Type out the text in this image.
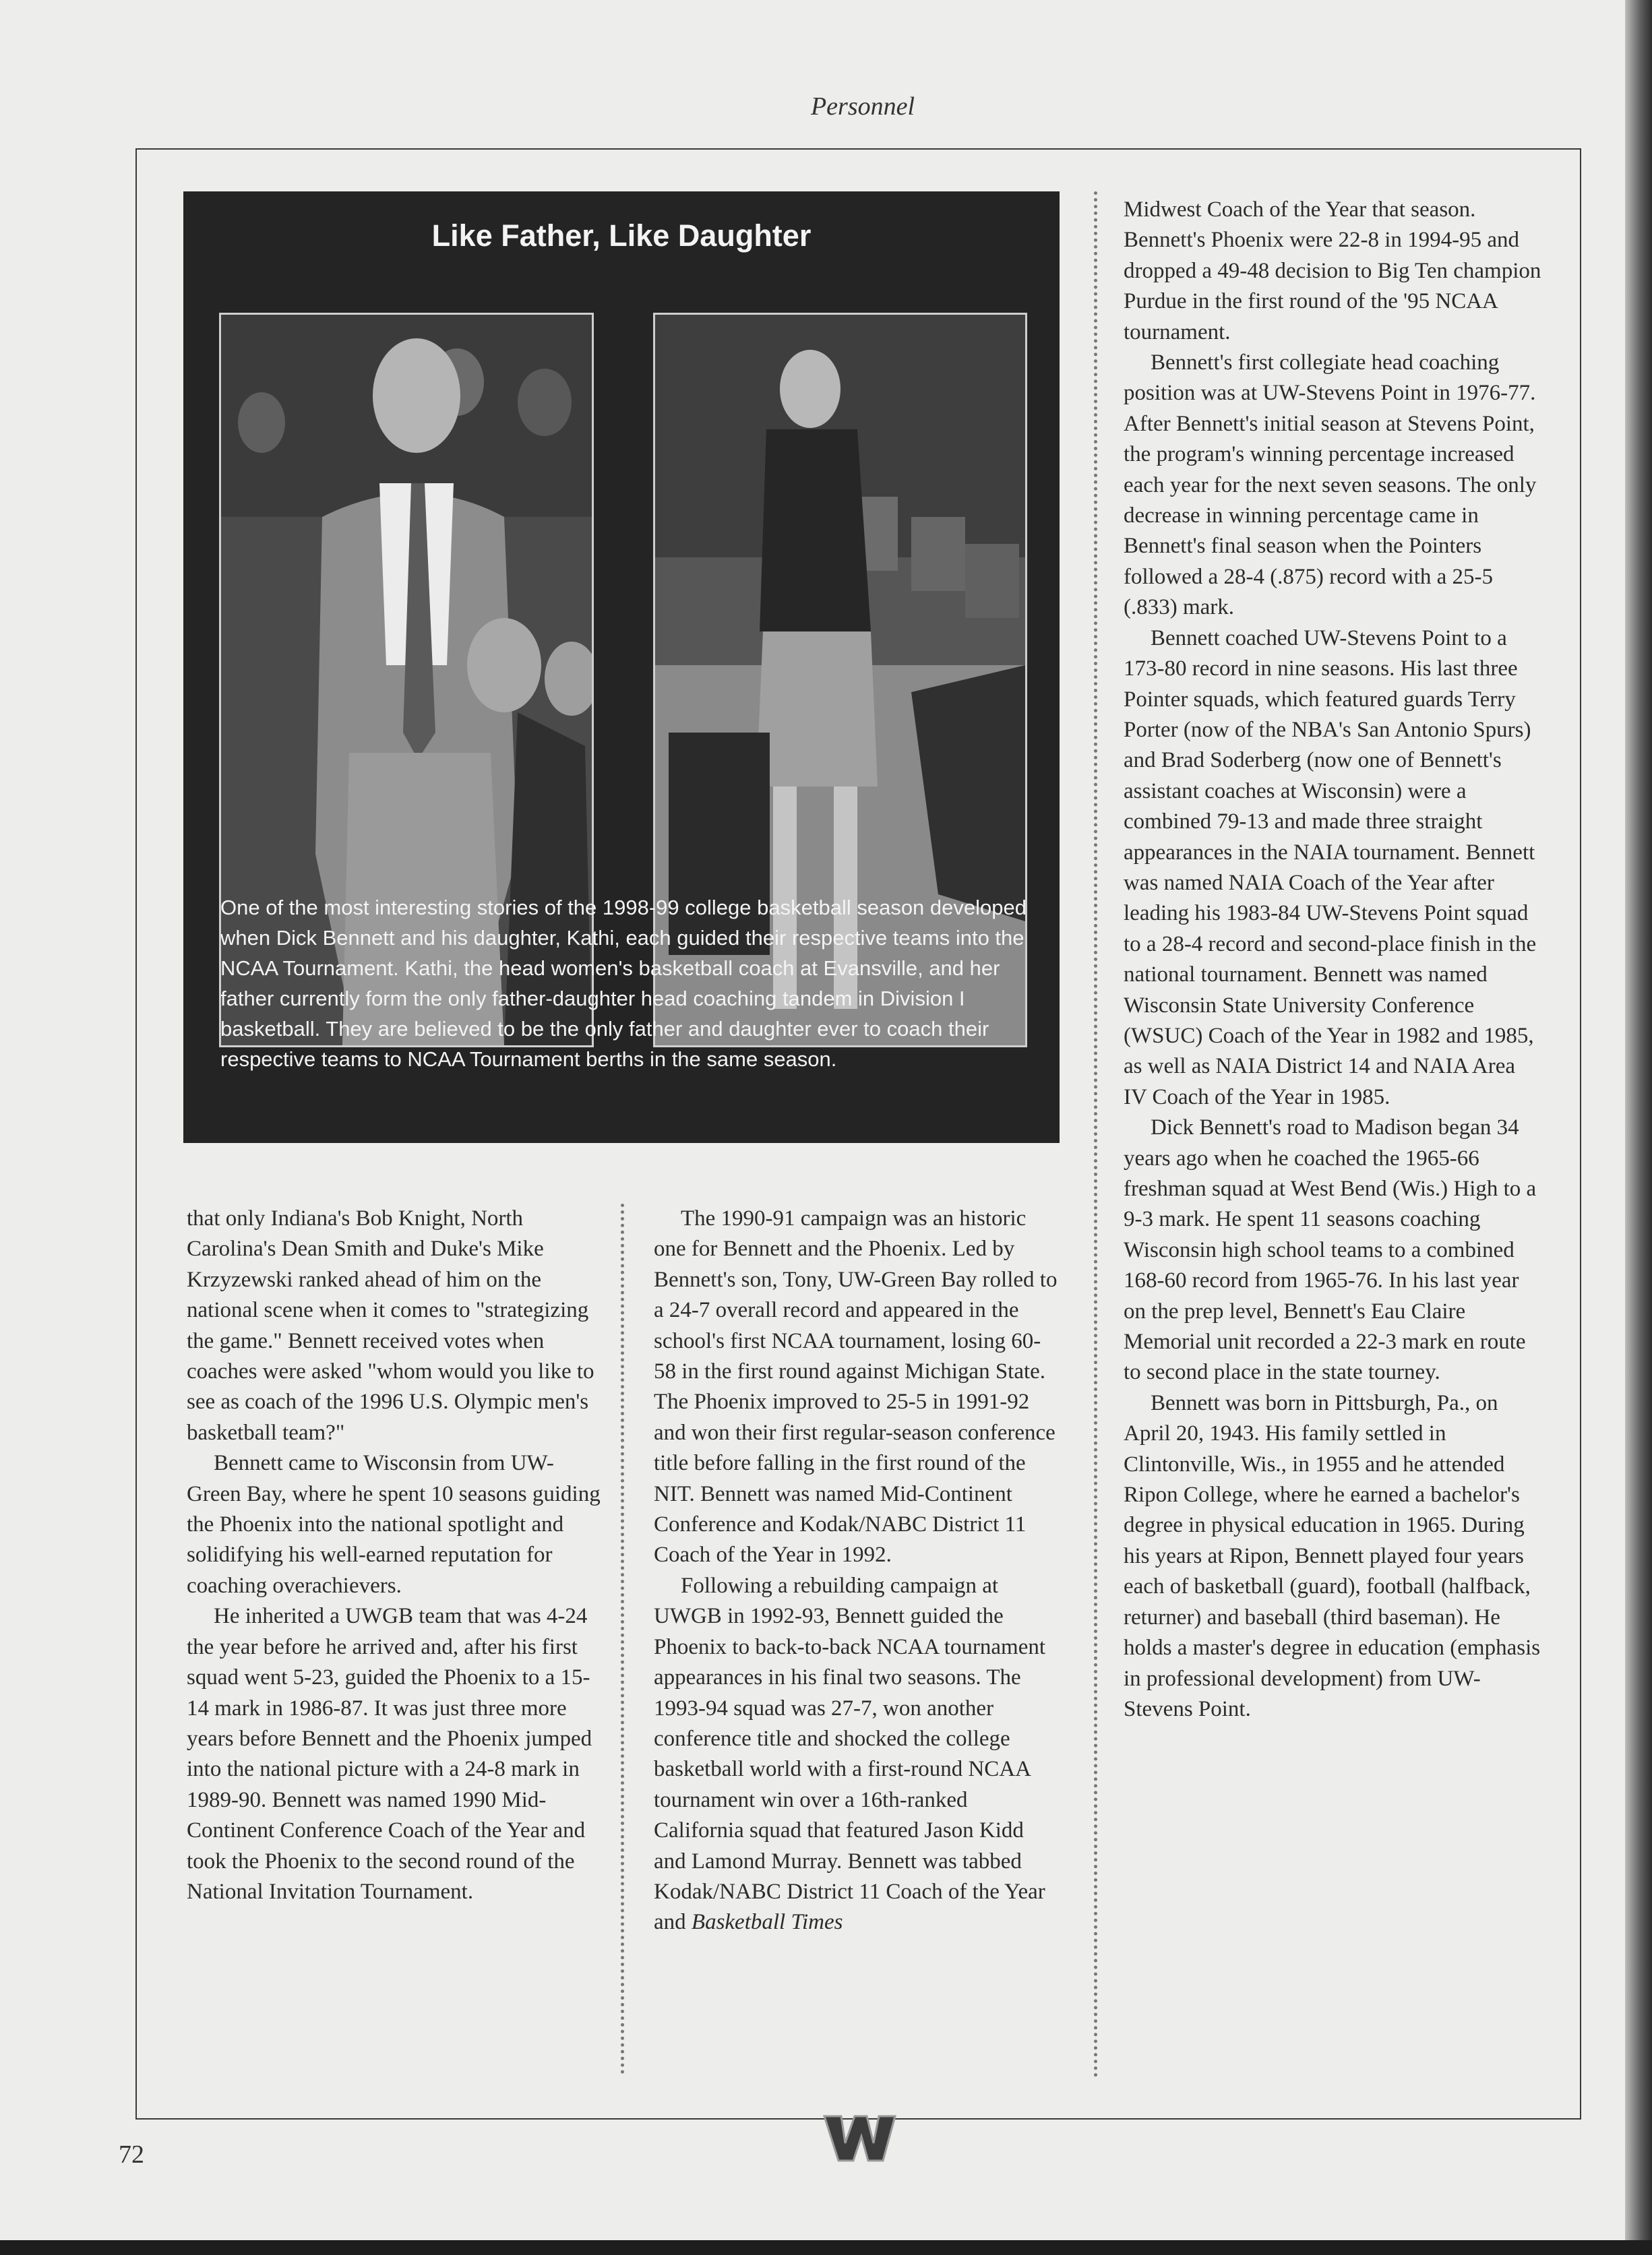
Personnel
Like Father, Like Daughter
One of the most interesting stories of the 1998-99 college basketball season developed when Dick Bennett and his daughter, Kathi, each guided their respective teams into the NCAA Tournament. Kathi, the head women's basketball coach at Evansville, and her father currently form the only father-daughter head coaching tandem in Division I basketball. They are believed to be the only father and daughter ever to coach their respective teams to NCAA Tournament berths in the same season.

that only Indiana's Bob Knight, North Carolina's Dean Smith and Duke's Mike Krzyzewski ranked ahead of him on the national scene when it comes to "strategizing the game." Bennett received votes when coaches were asked "whom would you like to see as coach of the 1996 U.S. Olympic men's basketball team?"

Bennett came to Wisconsin from UW-Green Bay, where he spent 10 seasons guiding the Phoenix into the national spotlight and solidifying his well-earned reputation for coaching overachievers.

He inherited a UWGB team that was 4-24 the year before he arrived and, after his first squad went 5-23, guided the Phoenix to a 15-14 mark in 1986-87. It was just three more years before Bennett and the Phoenix jumped into the national picture with a 24-8 mark in 1989-90. Bennett was named 1990 Mid-Continent Conference Coach of the Year and took the Phoenix to the second round of the National Invitation Tournament.

The 1990-91 campaign was an historic one for Bennett and the Phoenix. Led by Bennett's son, Tony, UW-Green Bay rolled to a 24-7 overall record and appeared in the school's first NCAA tournament, losing 60-58 in the first round against Michigan State. The Phoenix improved to 25-5 in 1991-92 and won their first regular-season conference title before falling in the first round of the NIT. Bennett was named Mid-Continent Conference and Kodak/NABC District 11 Coach of the Year in 1992.

Following a rebuilding campaign at UWGB in 1992-93, Bennett guided the Phoenix to back-to-back NCAA tournament appearances in his final two seasons. The 1993-94 squad was 27-7, won another conference title and shocked the college basketball world with a first-round NCAA tournament win over a 16th-ranked California squad that featured Jason Kidd and Lamond Murray. Bennett was tabbed Kodak/NABC District 11 Coach of the Year and Basketball Times

Midwest Coach of the Year that season. Bennett's Phoenix were 22-8 in 1994-95 and dropped a 49-48 decision to Big Ten champion Purdue in the first round of the '95 NCAA tournament.

Bennett's first collegiate head coaching position was at UW-Stevens Point in 1976-77. After Bennett's initial season at Stevens Point, the program's winning percentage increased each year for the next seven seasons. The only decrease in winning percentage came in Bennett's final season when the Pointers followed a 28-4 (.875) record with a 25-5 (.833) mark.

Bennett coached UW-Stevens Point to a 173-80 record in nine seasons. His last three Pointer squads, which featured guards Terry Porter (now of the NBA's San Antonio Spurs) and Brad Soderberg (now one of Bennett's assistant coaches at Wisconsin) were a combined 79-13 and made three straight appearances in the NAIA tournament. Bennett was named NAIA Coach of the Year after leading his 1983-84 UW-Stevens Point squad to a 28-4 record and second-place finish in the national tournament. Bennett was named Wisconsin State University Conference (WSUC) Coach of the Year in 1982 and 1985, as well as NAIA District 14 and NAIA Area IV Coach of the Year in 1985.

Dick Bennett's road to Madison began 34 years ago when he coached the 1965-66 freshman squad at West Bend (Wis.) High to a 9-3 mark. He spent 11 seasons coaching Wisconsin high school teams to a combined 168-60 record from 1965-76. In his last year on the prep level, Bennett's Eau Claire Memorial unit recorded a 22-3 mark en route to second place in the state tourney.

Bennett was born in Pittsburgh, Pa., on April 20, 1943. His family settled in Clintonville, Wis., in 1955 and he attended Ripon College, where he earned a bachelor's degree in physical education in 1965. During his years at Ripon, Bennett played four years each of basketball (guard), football (halfback, returner) and baseball (third baseman). He holds a master's degree in education (emphasis in professional development) from UW-Stevens Point.

72
